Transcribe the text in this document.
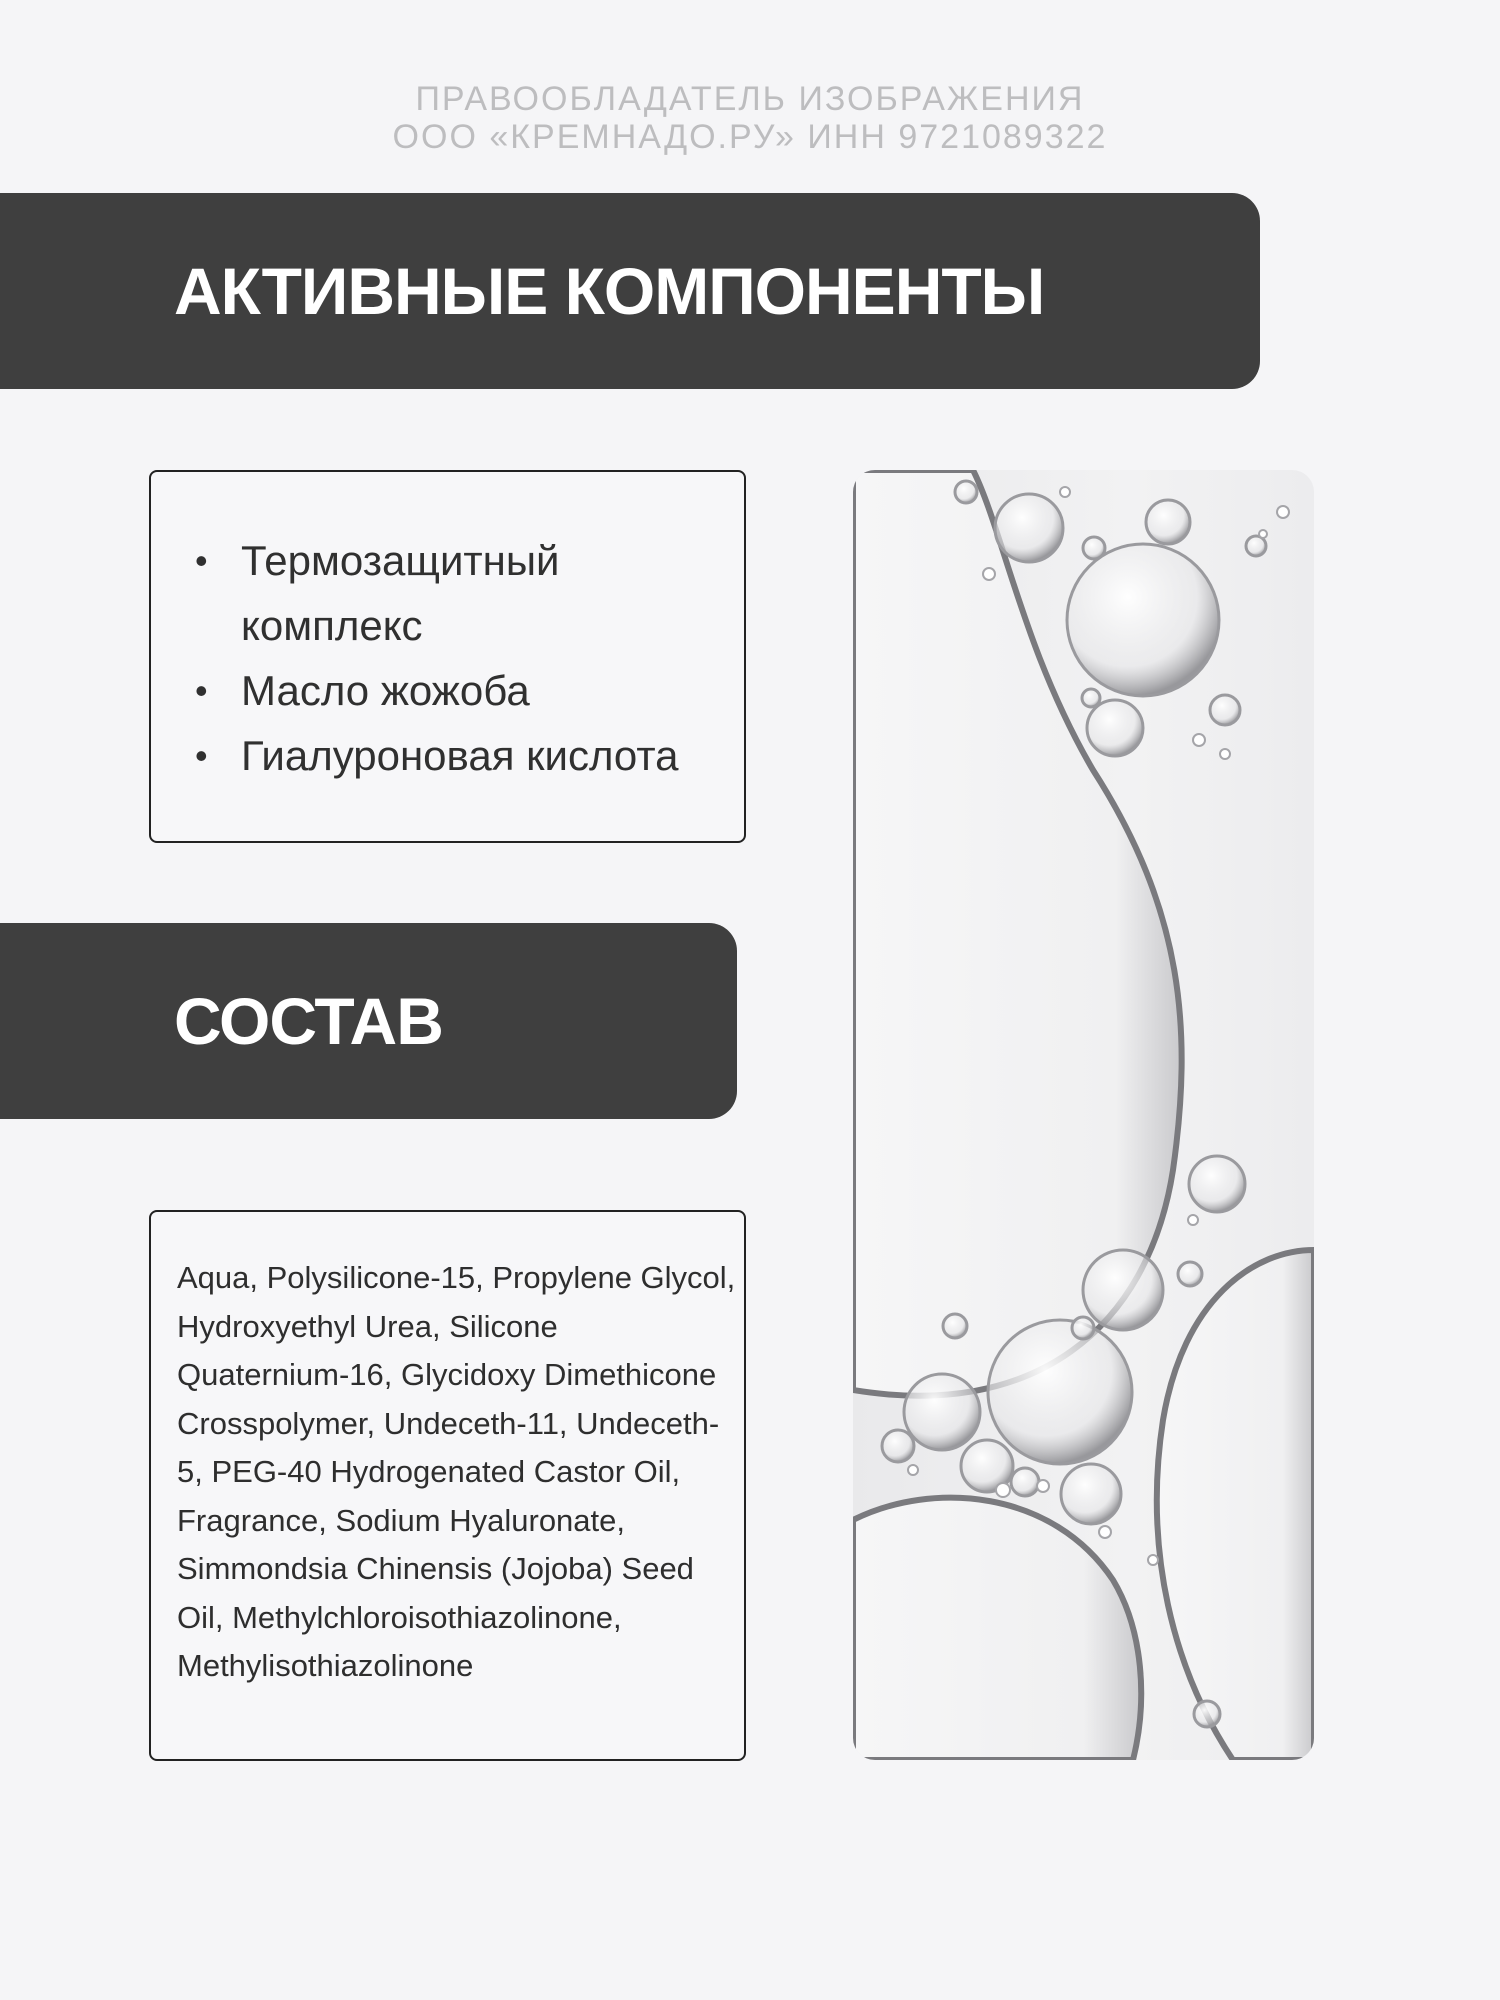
ПРАВООБЛАДАТЕЛЬ ИЗОБРАЖЕНИЯ
ООО «КРЕМНАДО.РУ» ИНН 9721089322
АКТИВНЫЕ КОМПОНЕНТЫ
• Термозащитный комплекс
• Масло жожоба
• Гиалуроновая кислота
СОСТАВ

Aqua, Polysilicone-15, Propylene Glycol, Hydroxyethyl Urea, Silicone Quaternium-16, Glycidoxy Dimethicone Crosspolymer, Undeceth-11, Undeceth-5, PEG-40 Hydrogenated Castor Oil, Fragrance, Sodium Hyaluronate, Simmondsia Chinensis (Jojoba) Seed Oil, Methylchloroisothiazolinone, Methylisothiazolinone
